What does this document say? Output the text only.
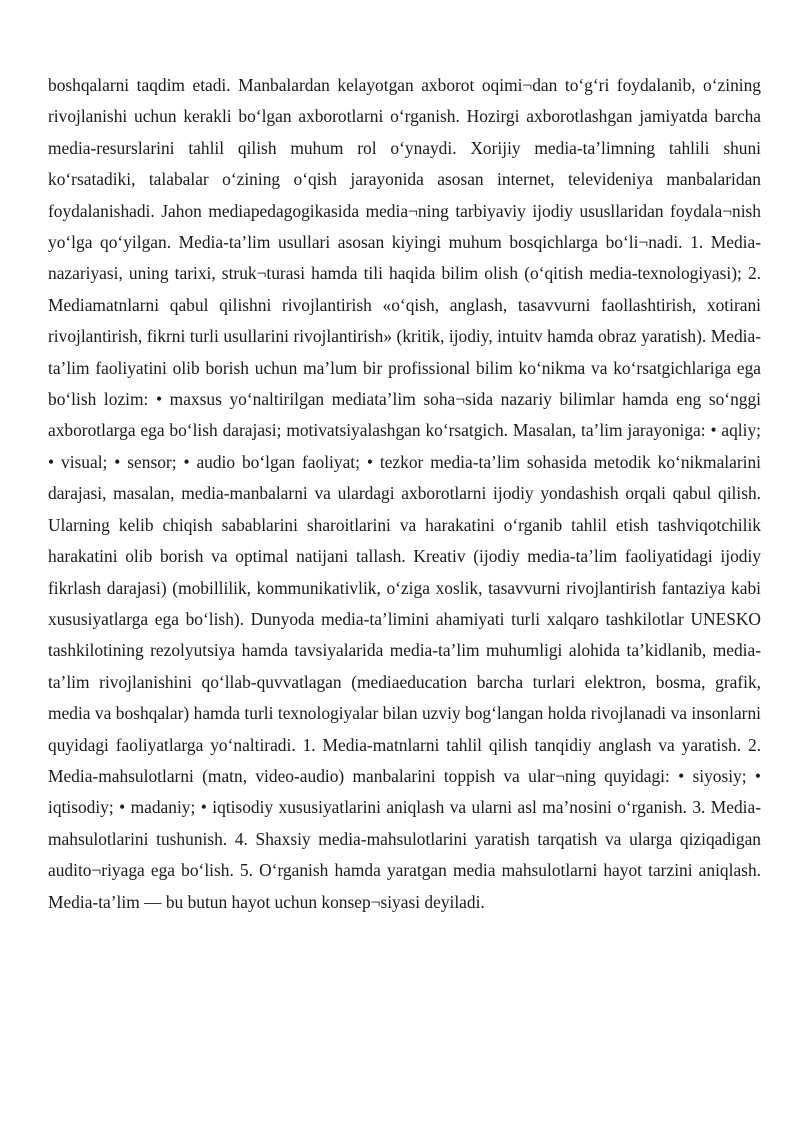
boshqalarni taqdim etadi. Manbalardan kelayotgan axborot oqimi¬dan to‘g‘ri foydalanib, o‘zining rivojlanishi uchun kerakli bo‘lgan axborotlarni o‘rganish. Hozirgi axborotlashgan jamiyatda barcha media-resurslarini tahlil qilish muhum rol o‘ynaydi. Xorijiy media-ta’limning tahlili shuni ko‘rsatadiki, talabalar o‘zining o‘qish jarayonida asosan internet, televideniya manbalaridan foydalanishadi. Jahon mediapedagogikasida media¬ning tarbiyaviy ijodiy ususllaridan foydala¬nish yo‘lga qo‘yilgan. Media-ta’lim usullari asosan kiyingi muhum bosqichlarga bo‘li¬nadi. 1. Media-nazariyasi, uning tarixi, struk¬turasi hamda tili haqida bilim olish (o‘qitish media-texnologiyasi); 2. Mediamatnlarni qabul qilishni rivojlantirish «o‘qish, anglash, tasavvurni faollashtirish, xotirani rivojlantirish, fikrni turli usullarini rivojlantirish» (kritik, ijodiy, intuitv hamda obraz yaratish). Media-ta’lim faoliyatini olib borish uchun ma’lum bir profissional bilim ko‘nikma va ko‘rsatgichlariga ega bo‘lish lozim: • maxsus yo‘naltirilgan mediata’lim soha¬sida nazariy bilimlar hamda eng so‘nggi axborotlarga ega bo‘lish darajasi; motivatsiyalashgan ko‘rsatgich. Masalan, ta’lim jarayoniga: • aqliy; • visual; • sensor; • audio bo‘lgan faoliyat; • tezkor media-ta’lim sohasida metodik ko‘nikmalarini darajasi, masalan, media-manbalarni va ulardagi axborotlarni ijodiy yondashish orqali qabul qilish. Ularning kelib chiqish sabablarini sharoitlarini va harakatini o‘rganib tahlil etish tashviqotchilik harakatini olib borish va optimal natijani tallash. Kreativ (ijodiy media-ta’lim faoliyatidagi ijodiy fikrlash darajasi) (mobillilik, kommunikativlik, o‘ziga xoslik, tasavvurni rivojlantirish fantaziya kabi xususiyatlarga ega bo‘lish). Dunyoda media-ta’limini ahamiyati turli xalqaro tashkilotlar UNESKO tashkilotining rezolyutsiya hamda tavsiyalarida media-ta’lim muhumligi alohida ta’kidlanib, media-ta’lim rivojlanishini qo‘llab-quvvatlagan (mediaeducation barcha turlari elektron, bosma, grafik, media va boshqalar) hamda turli texnologiyalar bilan uzviy bog‘langan holda rivojlanadi va insonlarni quyidagi faoliyatlarga yo‘naltiradi. 1. Media-matnlarni tahlil qilish tanqidiy anglash va yaratish. 2. Media-mahsulotlarni (matn, video-audio) manbalarini toppish va ular¬ning quyidagi: • siyosiy; • iqtisodiy; • madaniy; • iqtisodiy xususiyatlarini aniqlash va ularni asl ma’nosini o‘rganish. 3. Media-mahsulotlarini tushunish. 4. Shaxsiy media-mahsulotlarini yaratish tarqatish va ularga qiziqadigan audito¬riyaga ega bo‘lish. 5. O‘rganish hamda yaratgan media mahsulotlarni hayot tarzini aniqlash. Media-ta’lim — bu butun hayot uchun konsep¬siyasi deyiladi.
